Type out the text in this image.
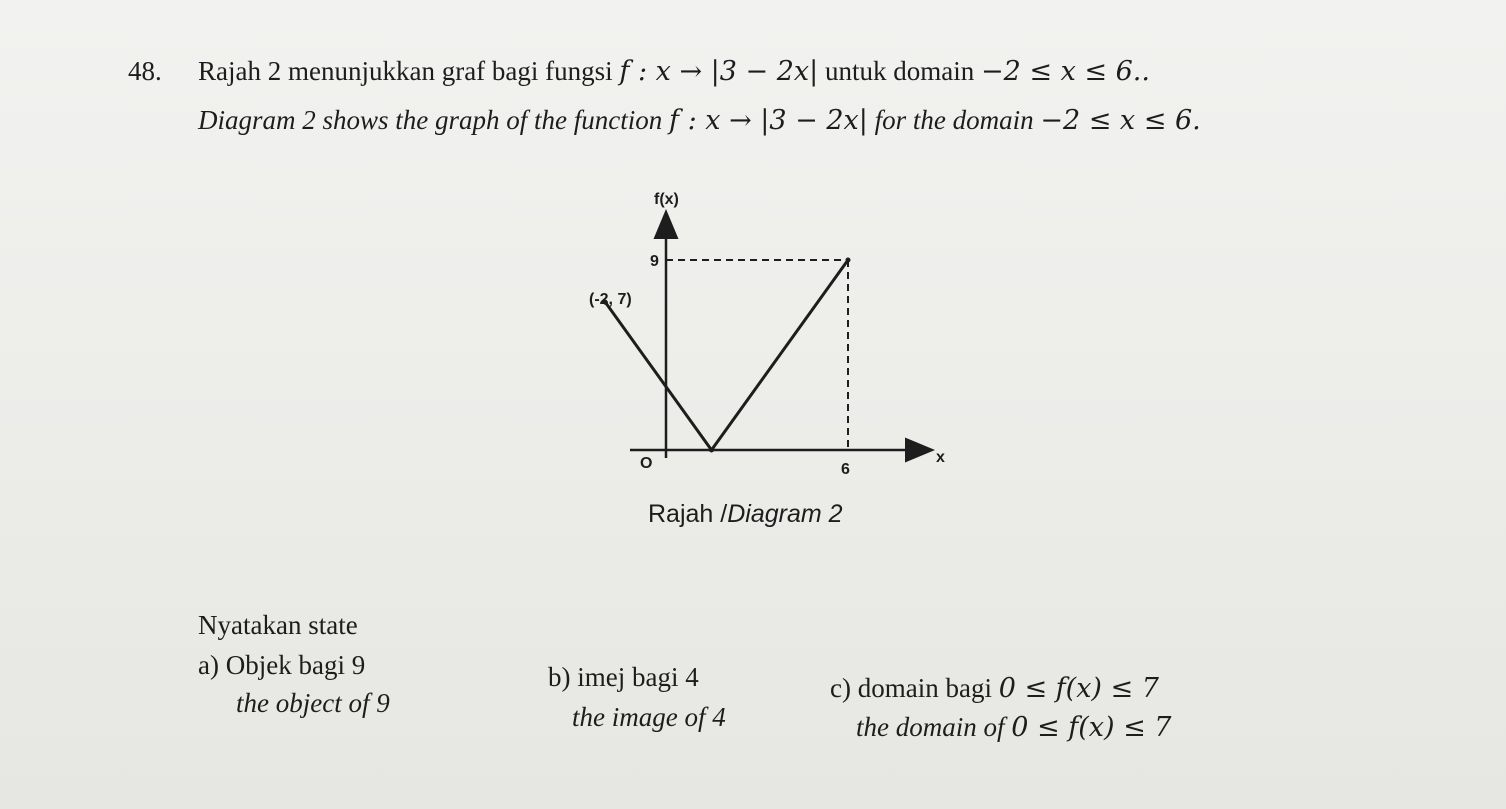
48. Rajah 2 menunjukkan graf bagi fungsi f : x → |3 − 2x| untuk domain −2 ≤ x ≤ 6..
Diagram 2 shows the graph of the function f : x → |3 − 2x| for the domain −2 ≤ x ≤ 6.
f(x)
x
O
9
6
(-2, 7)
Rajah /Diagram 2
Nyatakan state
a) Objek bagi 9
the object of 9
b) imej bagi 4
the image of 4
c) domain bagi 0 ≤ f(x) ≤ 7
the domain of 0 ≤ f(x) ≤ 7
